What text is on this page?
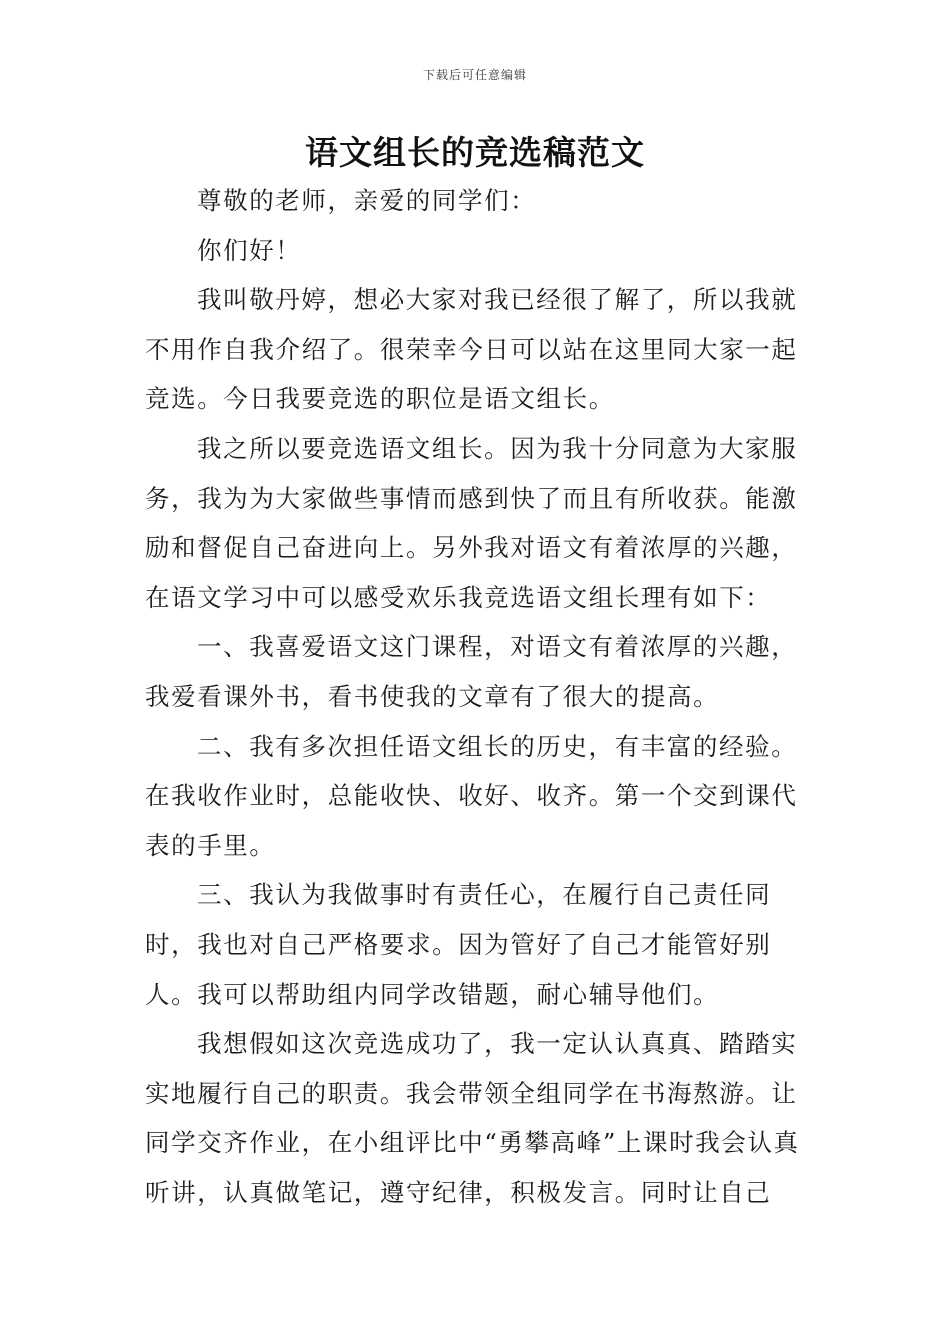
下载后可任意编辑
语文组长的竞选稿范文

尊敬的老师，亲爱的同学们：

你们好！

我叫敬丹婷，想必大家对我已经很了解了，所以我就不用作自我介绍了。很荣幸今日可以站在这里同大家一起竞选。今日我要竞选的职位是语文组长。

我之所以要竞选语文组长。因为我十分同意为大家服务，我为为大家做些事情而感到快了而且有所收获。能激励和督促自己奋进向上。另外我对语文有着浓厚的兴趣，在语文学习中可以感受欢乐我竞选语文组长理有如下：

一、我喜爱语文这门课程，对语文有着浓厚的兴趣，我爱看课外书，看书使我的文章有了很大的提高。

二、我有多次担任语文组长的历史，有丰富的经验。在我收作业时，总能收快、收好、收齐。第一个交到课代表的手里。

三、我认为我做事时有责任心，在履行自己责任同时，我也对自己严格要求。因为管好了自己才能管好别人。我可以帮助组内同学改错题，耐心辅导他们。

我想假如这次竞选成功了，我一定认认真真、踏踏实实地履行自己的职责。我会带领全组同学在书海熬游。让同学交齐作业，在小组评比中“勇攀高峰”上课时我会认真听讲，认真做笔记，遵守纪律，积极发言。同时让自己
